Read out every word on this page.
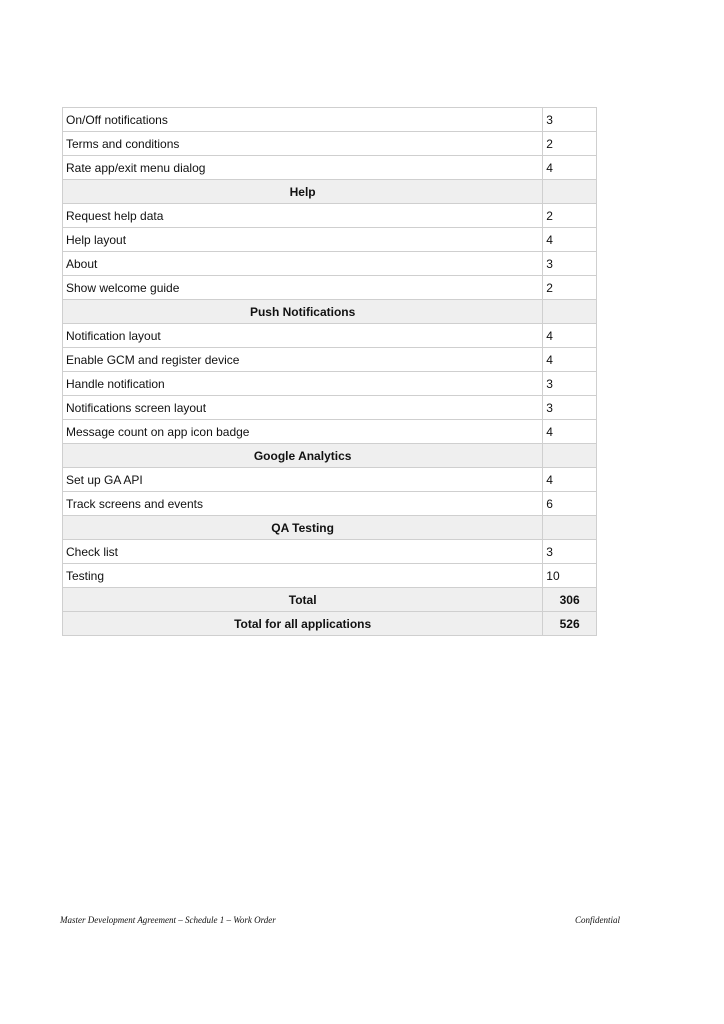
On/Off notifications	3
Terms and conditions	2
Rate app/exit menu dialog	4
Help	
Request help data	2
Help layout	4
About	3
Show welcome guide	2
Push Notifications	
Notification layout	4
Enable GCM and register device	4
Handle notification	3
Notifications screen layout	3
Message count on app icon badge	4
Google Analytics	
Set up GA API	4
Track screens and events	6
QA Testing	
Check list	3
Testing	10
Total	306
Total for all applications	526
Master Development Agreement – Schedule 1 – Work Order	Confidential
